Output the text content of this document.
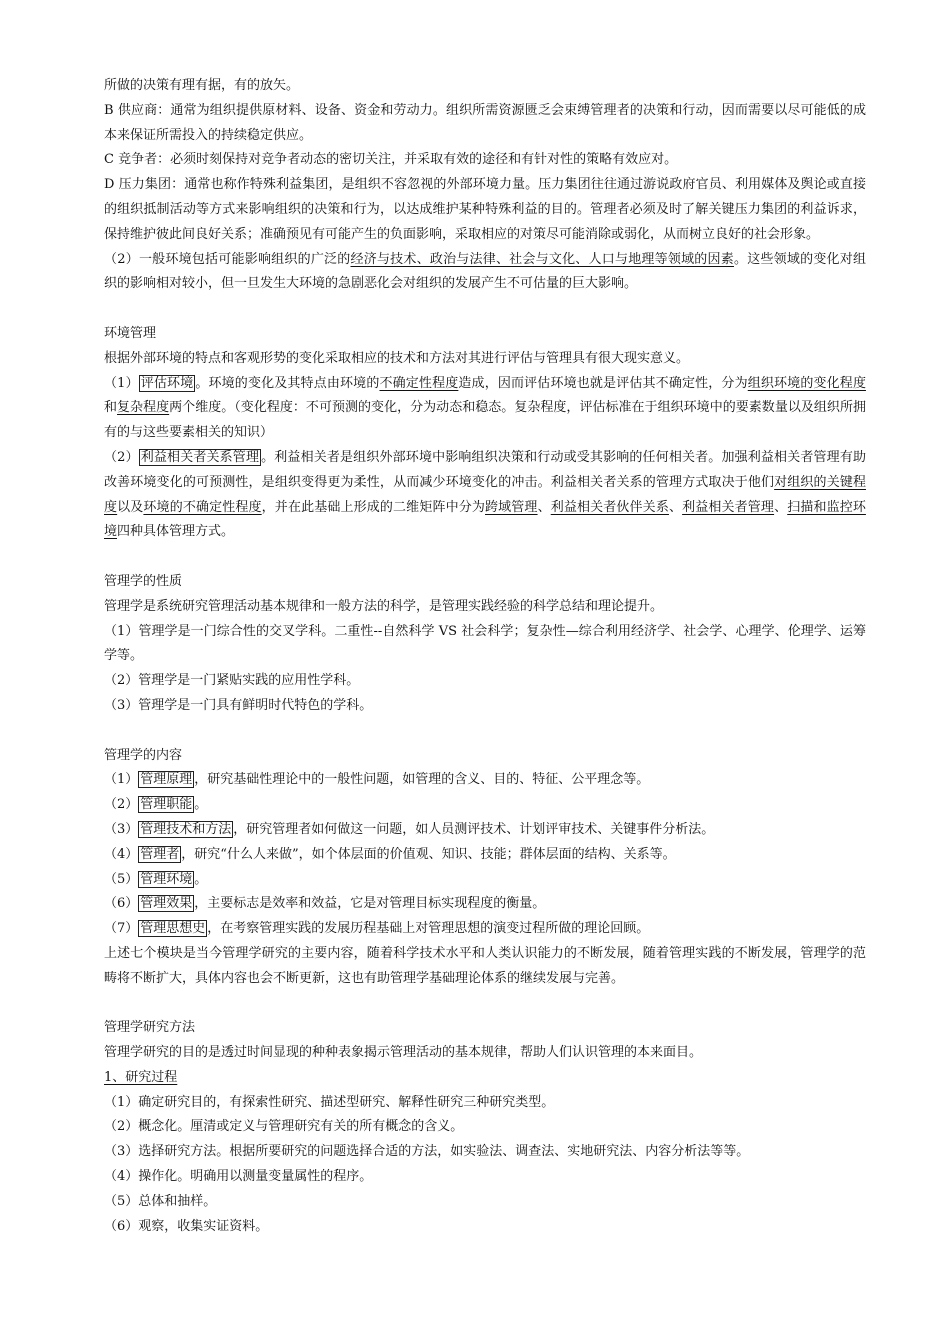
所做的决策有理有据，有的放矢。

B 供应商：通常为组织提供原材料、设备、资金和劳动力。组织所需资源匮乏会束缚管理者的决策和行动，因而需要以尽可能低的成本来保证所需投入的持续稳定供应。

C 竞争者：必须时刻保持对竞争者动态的密切关注，并采取有效的途径和有针对性的策略有效应对。

D 压力集团：通常也称作特殊利益集团，是组织不容忽视的外部环境力量。压力集团往往通过游说政府官员、利用媒体及舆论或直接的组织抵制活动等方式来影响组织的决策和行为，以达成维护某种特殊利益的目的。管理者必须及时了解关键压力集团的利益诉求，保持维护彼此间良好关系；准确预见有可能产生的负面影响，采取相应的对策尽可能消除或弱化，从而树立良好的社会形象。

（2）一般环境包括可能影响组织的广泛的经济与技术、政治与法律、社会与文化、人口与地理等领域的因素。这些领域的变化对组织的影响相对较小，但一旦发生大环境的急剧恶化会对组织的发展产生不可估量的巨大影响。

环境管理

根据外部环境的特点和客观形势的变化采取相应的技术和方法对其进行评估与管理具有很大现实意义。

（1） 评估环境 。环境的变化及其特点由环境的不确定性程度造成，因而评估环境也就是评估其不确定性，分为组织环境的变化程度和复杂程度两个维度。（变化程度：不可预测的变化，分为动态和稳态。复杂程度，评估标准在于组织环境中的要素数量以及组织所拥有的与这些要素相关的知识）

（2） 利益相关者关系管理 。利益相关者是组织外部环境中影响组织决策和行动或受其影响的任何相关者。加强利益相关者管理有助改善环境变化的可预测性，是组织变得更为柔性，从而减少环境变化的冲击。利益相关者关系的管理方式取决于他们对组织的关键程度以及环境的不确定性程度，并在此基础上形成的二维矩阵中分为跨域管理、利益相关者伙伴关系、利益相关者管理、扫描和监控环境四种具体管理方式。

管理学的性质

管理学是系统研究管理活动基本规律和一般方法的科学，是管理实践经验的科学总结和理论提升。

（1）管理学是一门综合性的交叉学科。二重性--自然科学 VS 社会科学；复杂性—综合利用经济学、社会学、心理学、伦理学、运筹学等。

（2）管理学是一门紧贴实践的应用性学科。

（3）管理学是一门具有鲜明时代特色的学科。

管理学的内容

（1） 管理原理 ，研究基础性理论中的一般性问题，如管理的含义、目的、特征、公平理念等。

（2） 管理职能 。

（3） 管理技术和方法 ，研究管理者如何做这一问题，如人员测评技术、计划评审技术、关键事件分析法。

（4） 管理者 ，研究“什么人来做”，如个体层面的价值观、知识、技能；群体层面的结构、关系等。

（5） 管理环境 。

（6） 管理效果 ，主要标志是效率和效益，它是对管理目标实现程度的衡量。

（7） 管理思想史 ，在考察管理实践的发展历程基础上对管理思想的演变过程所做的理论回顾。

上述七个模块是当今管理学研究的主要内容，随着科学技术水平和人类认识能力的不断发展，随着管理实践的不断发展，管理学的范畴将不断扩大，具体内容也会不断更新，这也有助管理学基础理论体系的继续发展与完善。

管理学研究方法

管理学研究的目的是透过时间显现的种种表象揭示管理活动的基本规律，帮助人们认识管理的本来面目。

1、研究过程

（1）确定研究目的，有探索性研究、描述型研究、解释性研究三种研究类型。

（2）概念化。厘清或定义与管理研究有关的所有概念的含义。

（3）选择研究方法。根据所要研究的问题选择合适的方法，如实验法、调查法、实地研究法、内容分析法等等。

（4）操作化。明确用以测量变量属性的程序。

（5）总体和抽样。

（6）观察，收集实证资料。
